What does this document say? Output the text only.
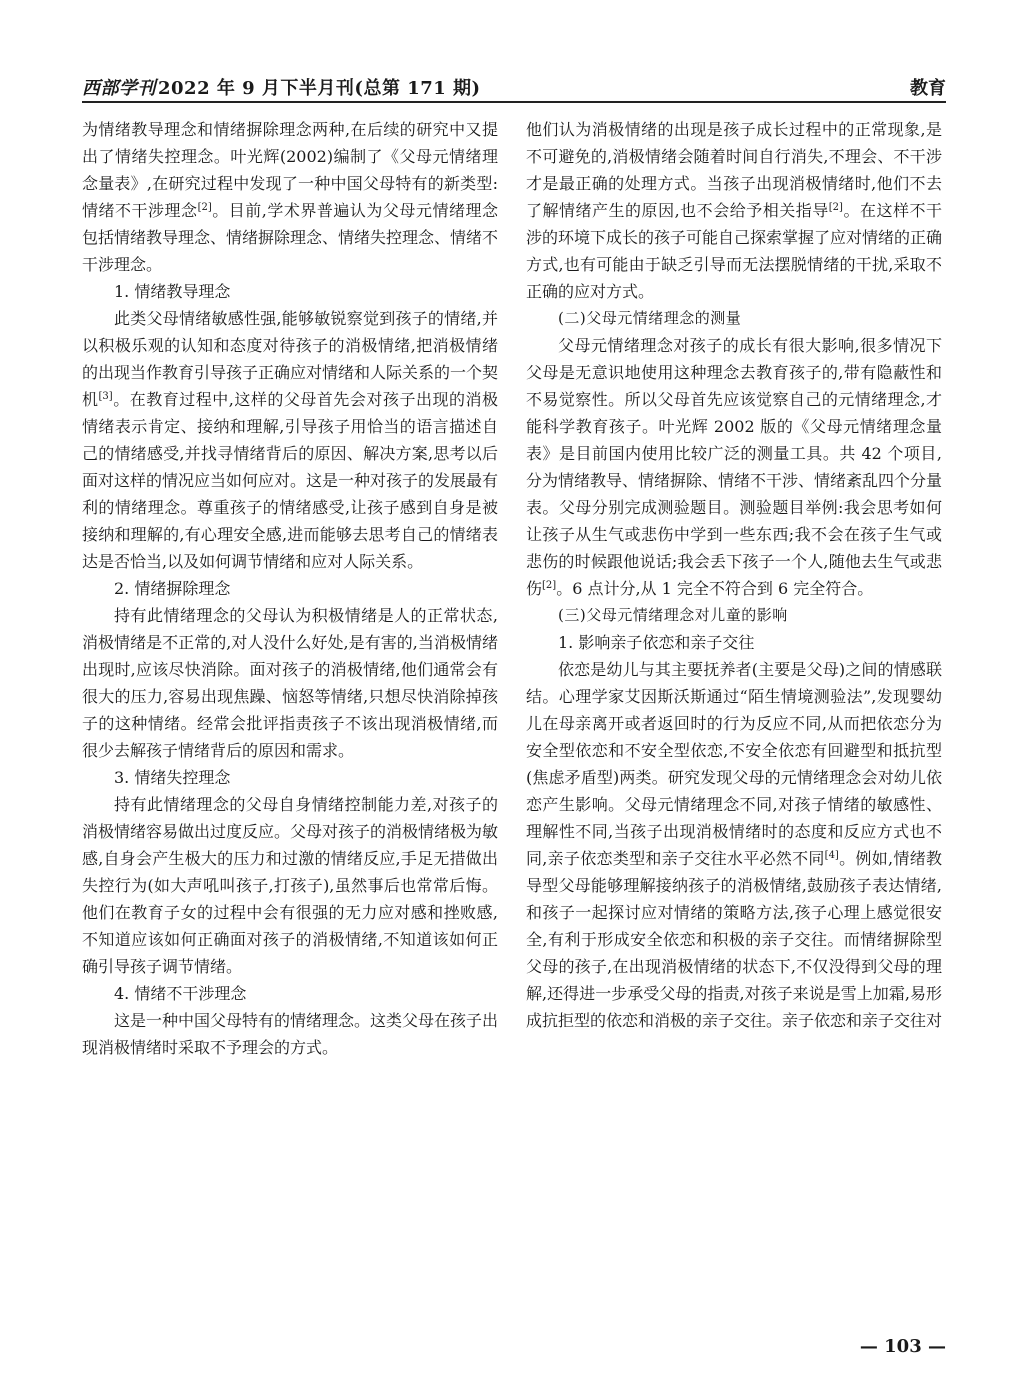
西部学刊 2022 年 9 月下半月刊(总第 171 期)	教育

为情绪教导理念和情绪摒除理念两种,在后续的研究中又提出了情绪失控理念。叶光辉(2002)编制了《父母元情绪理念量表》,在研究过程中发现了一种中国父母特有的新类型:情绪不干涉理念[2]。目前,学术界普遍认为父母元情绪理念包括情绪教导理念、情绪摒除理念、情绪失控理念、情绪不干涉理念。

1. 情绪教导理念

此类父母情绪敏感性强,能够敏锐察觉到孩子的情绪,并以积极乐观的认知和态度对待孩子的消极情绪,把消极情绪的出现当作教育引导孩子正确应对情绪和人际关系的一个契机[3]。在教育过程中,这样的父母首先会对孩子出现的消极情绪表示肯定、接纳和理解,引导孩子用恰当的语言描述自己的情绪感受,并找寻情绪背后的原因、解决方案,思考以后面对这样的情况应当如何应对。这是一种对孩子的发展最有利的情绪理念。尊重孩子的情绪感受,让孩子感到自身是被接纳和理解的,有心理安全感,进而能够去思考自己的情绪表达是否恰当,以及如何调节情绪和应对人际关系。

2. 情绪摒除理念

持有此情绪理念的父母认为积极情绪是人的正常状态,消极情绪是不正常的,对人没什么好处,是有害的,当消极情绪出现时,应该尽快消除。面对孩子的消极情绪,他们通常会有很大的压力,容易出现焦躁、恼怒等情绪,只想尽快消除掉孩子的这种情绪。经常会批评指责孩子不该出现消极情绪,而很少去解孩子情绪背后的原因和需求。

3. 情绪失控理念

持有此情绪理念的父母自身情绪控制能力差,对孩子的消极情绪容易做出过度反应。父母对孩子的消极情绪极为敏感,自身会产生极大的压力和过激的情绪反应,手足无措做出失控行为(如大声吼叫孩子,打孩子),虽然事后也常常后悔。他们在教育子女的过程中会有很强的无力应对感和挫败感,不知道应该如何正确面对孩子的消极情绪,不知道该如何正确引导孩子调节情绪。

4. 情绪不干涉理念

这是一种中国父母特有的情绪理念。这类父母在孩子出现消极情绪时采取不予理会的方式。

他们认为消极情绪的出现是孩子成长过程中的正常现象,是不可避免的,消极情绪会随着时间自行消失,不理会、不干涉才是最正确的处理方式。当孩子出现消极情绪时,他们不去了解情绪产生的原因,也不会给予相关指导[2]。在这样不干涉的环境下成长的孩子可能自己探索掌握了应对情绪的正确方式,也有可能由于缺乏引导而无法摆脱情绪的干扰,采取不正确的应对方式。

(二)父母元情绪理念的测量

父母元情绪理念对孩子的成长有很大影响,很多情况下父母是无意识地使用这种理念去教育孩子的,带有隐蔽性和不易觉察性。所以父母首先应该觉察自己的元情绪理念,才能科学教育孩子。叶光辉 2002 版的《父母元情绪理念量表》是目前国内使用比较广泛的测量工具。共 42 个项目,分为情绪教导、情绪摒除、情绪不干涉、情绪紊乱四个分量表。父母分别完成测验题目。测验题目举例:我会思考如何让孩子从生气或悲伤中学到一些东西;我不会在孩子生气或悲伤的时候跟他说话;我会丢下孩子一个人,随他去生气或悲伤[2]。6 点计分,从 1 完全不符合到 6 完全符合。

(三)父母元情绪理念对儿童的影响

1. 影响亲子依恋和亲子交往

依恋是幼儿与其主要抚养者(主要是父母)之间的情感联结。心理学家艾因斯沃斯通过“陌生情境测验法”,发现婴幼儿在母亲离开或者返回时的行为反应不同,从而把依恋分为安全型依恋和不安全型依恋,不安全依恋有回避型和抵抗型(焦虑矛盾型)两类。研究发现父母的元情绪理念会对幼儿依恋产生影响。父母元情绪理念不同,对孩子情绪的敏感性、理解性不同,当孩子出现消极情绪时的态度和反应方式也不同,亲子依恋类型和亲子交往水平必然不同[4]。例如,情绪教导型父母能够理解接纳孩子的消极情绪,鼓励孩子表达情绪,和孩子一起探讨应对情绪的策略方法,孩子心理上感觉很安全,有利于形成安全依恋和积极的亲子交往。而情绪摒除型父母的孩子,在出现消极情绪的状态下,不仅没得到父母的理解,还得进一步承受父母的指责,对孩子来说是雪上加霜,易形成抗拒型的依恋和消极的亲子交往。亲子依恋和亲子交往对

— 103 —
